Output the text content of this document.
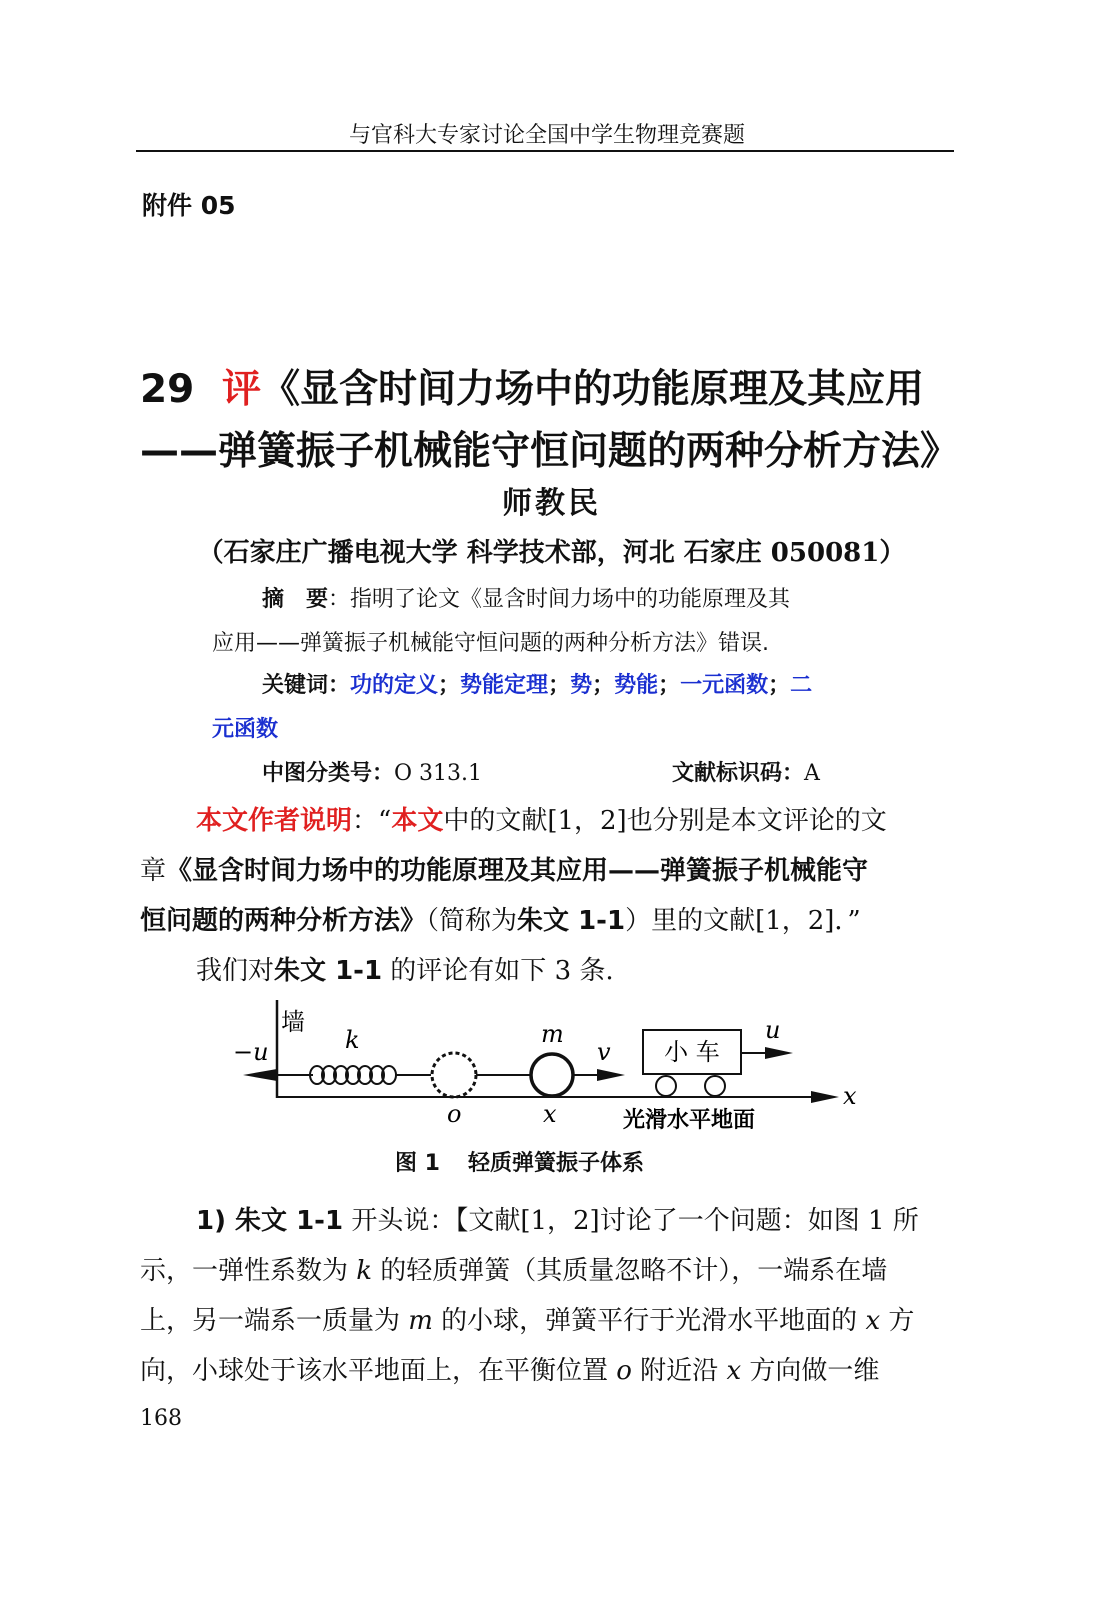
与官科大专家讨论全国中学生物理竞赛题
附件 05
29 评《显含时间力场中的功能原理及其应用
——弹簧振子机械能守恒问题的两种分析方法》
师教民
（石家庄广播电视大学 科学技术部，河北 石家庄 050081）
摘　要：指明了论文《显含时间力场中的功能原理及其
应用——弹簧振子机械能守恒问题的两种分析方法》错误.
关键词：功的定义；势能定理；势；势能；一元函数；二
元函数
中图分类号：O 313.1	文献标识码：A
本文作者说明：“本文中的文献[1，2]也分别是本文评论的文
章《显含时间力场中的功能原理及其应用——弹簧振子机械能守
恒问题的两种分析方法》（简称为朱文 1-1）里的文献[1，2]．”
我们对朱文 1-1 的评论有如下 3 条.
墙
−u	k	m
v 小 车
u
x
o	x	光滑水平地面
图 1 轻质弹簧振子体系
1) 朱文 1-1 开头说：【文献[1，2]讨论了一个问题：如图 1 所
示，一弹性系数为 k 的轻质弹簧（其质量忽略不计），一端系在墙
上，另一端系一质量为 m 的小球，弹簧平行于光滑水平地面的 x 方
向，小球处于该水平地面上，在平衡位置 o 附近沿 x 方向做一维
168
